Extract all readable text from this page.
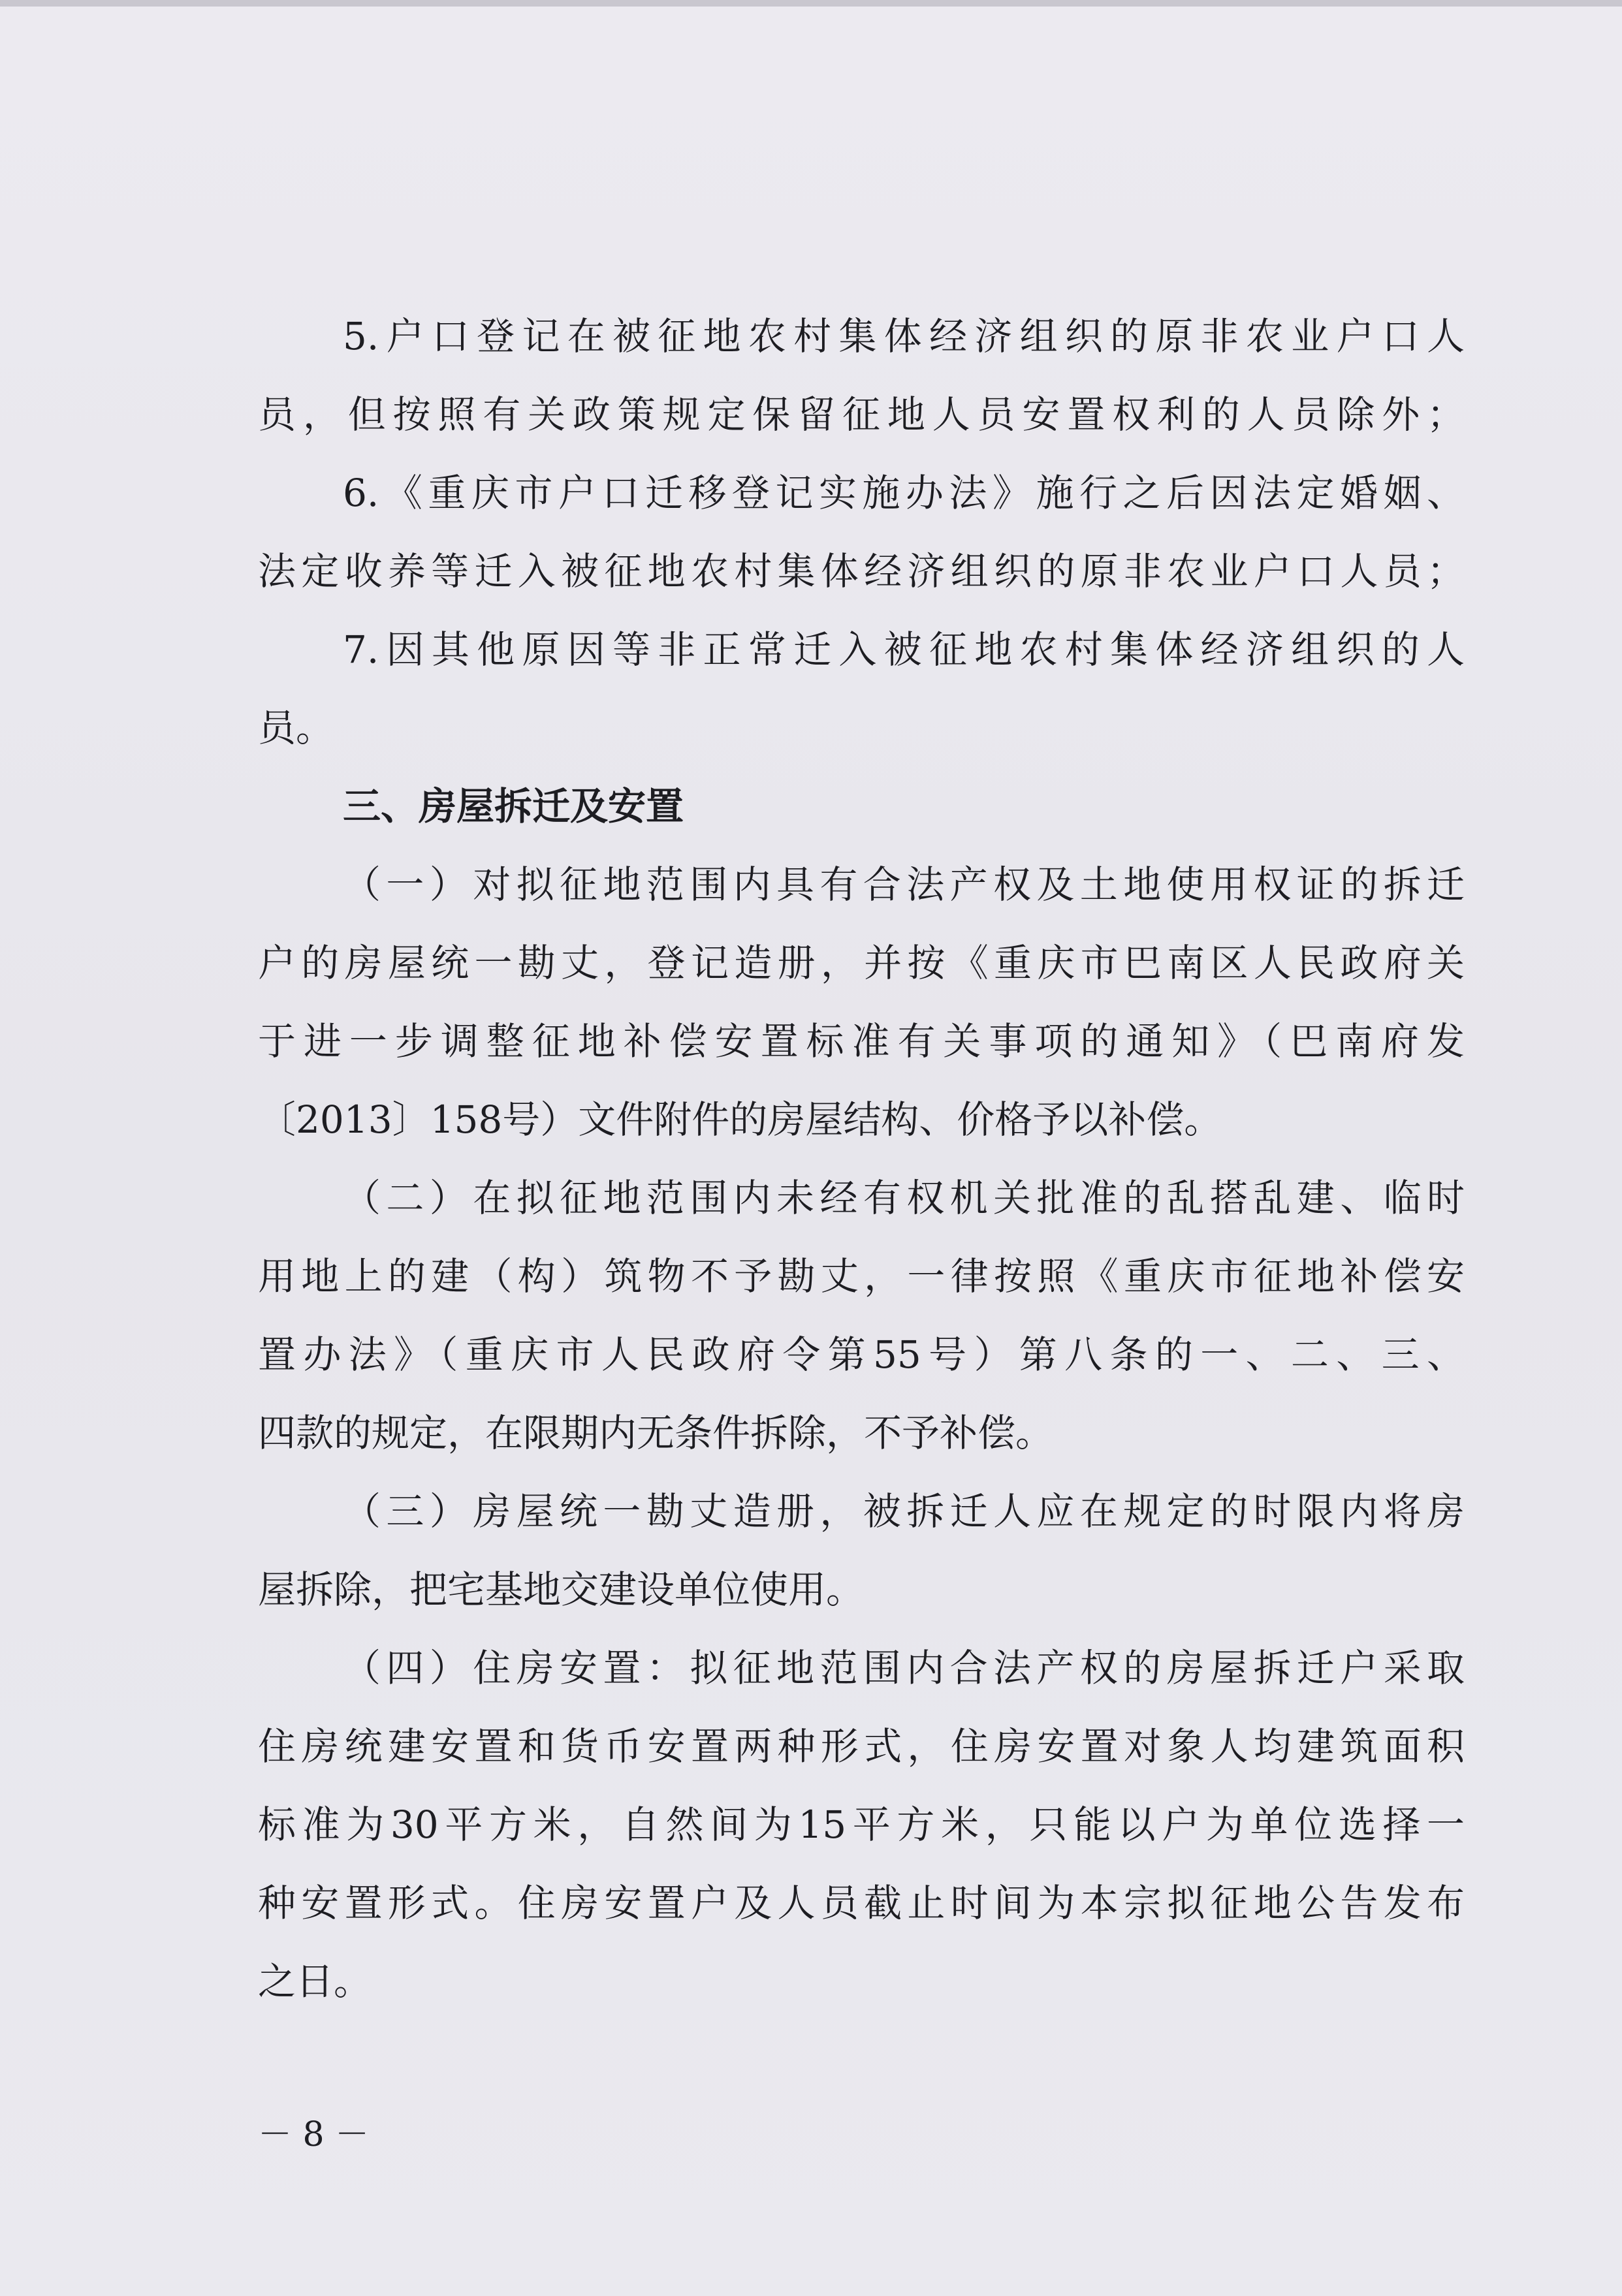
5.户口登记在被征地农村集体经济组织的原非农业户口人
员，但按照有关政策规定保留征地人员安置权利的人员除外；
6.《重庆市户口迁移登记实施办法》施行之后因法定婚姻、
法定收养等迁入被征地农村集体经济组织的原非农业户口人员；
7.因其他原因等非正常迁入被征地农村集体经济组织的人
员。
三、房屋拆迁及安置
（一）对拟征地范围内具有合法产权及土地使用权证的拆迁
户的房屋统一勘丈，登记造册，并按《重庆市巴南区人民政府关
于进一步调整征地补偿安置标准有关事项的通知》（巴南府发
〔2013〕158号）文件附件的房屋结构、价格予以补偿。
（二）在拟征地范围内未经有权机关批准的乱搭乱建、临时
用地上的建（构）筑物不予勘丈，一律按照《重庆市征地补偿安
置办法》（重庆市人民政府令第55号）第八条的一、二、三、
四款的规定，在限期内无条件拆除，不予补偿。
（三）房屋统一勘丈造册，被拆迁人应在规定的时限内将房
屋拆除，把宅基地交建设单位使用。
（四）住房安置：拟征地范围内合法产权的房屋拆迁户采取
住房统建安置和货币安置两种形式，住房安置对象人均建筑面积
标准为30平方米，自然间为15平方米，只能以户为单位选择一
种安置形式。住房安置户及人员截止时间为本宗拟征地公告发布
之日。
－ 8 －
